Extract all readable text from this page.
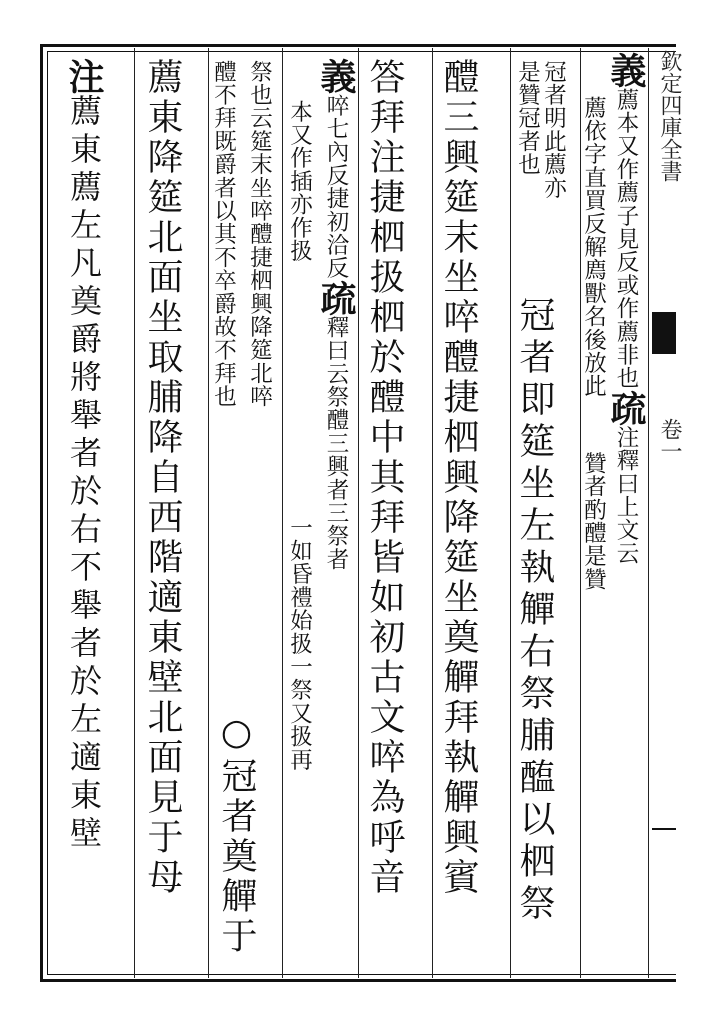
欽定四庫全書
卷一
義薦本又作薦子見反或作薦非也疏注釋曰上文云
薦依字直買反解廌獸名後放此贊者酌醴是贊
冠者明此薦亦
是贊冠者也
冠者即筵坐左執觶右祭脯醢以柶祭
醴三興筵末坐啐醴捷柶興降筵坐奠觶拜執觶興賓
答拜注捷柶扱柶於醴中其拜皆如初古文啐為呼音
義啐七內反捷初洽反疏釋曰云祭醴三興者三祭者
本又作插亦作扱
一如昏禮始扱一祭又扱再
祭也云筵末坐啐醴捷柶興降筵北啐
醴不拜既爵者以其不卒爵故不拜也
○冠者奠觶于
薦東降筵北面坐取脯降自西階適東壁北面見于母
注薦東薦左凡奠爵將舉者於右不舉者於左適東壁
